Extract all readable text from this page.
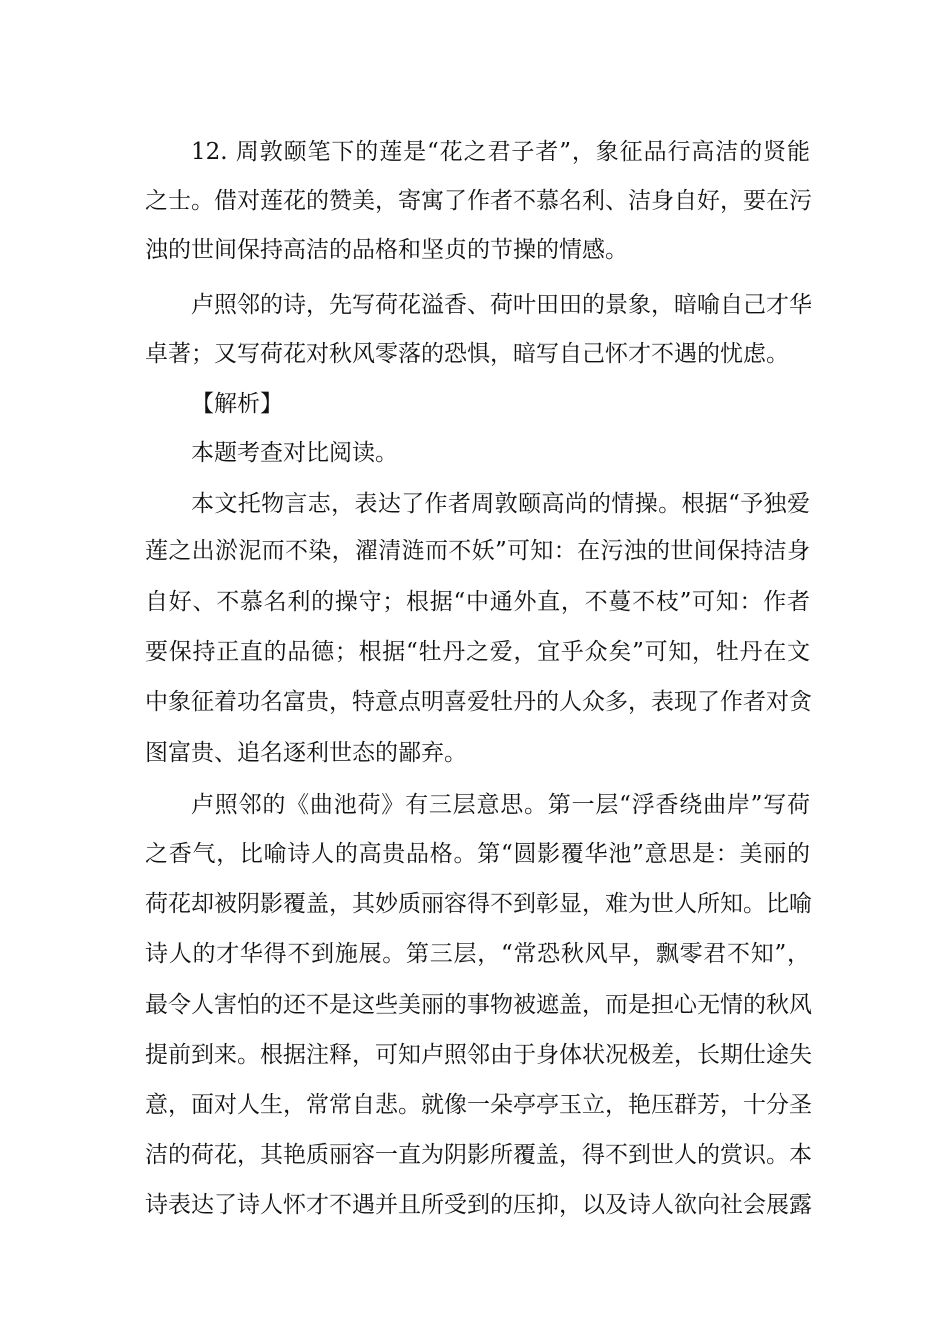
12. 周敦颐笔下的莲是“花之君子者”，象征品行高洁的贤能
之士。借对莲花的赞美，寄寓了作者不慕名利、洁身自好，要在污
浊的世间保持高洁的品格和坚贞的节操的情感。
卢照邻的诗，先写荷花溢香、荷叶田田的景象，暗喻自己才华
卓著；又写荷花对秋风零落的恐惧，暗写自己怀才不遇的忧虑。
【解析】
本题考查对比阅读。
本文托物言志，表达了作者周敦颐高尚的情操。根据“予独爱
莲之出淤泥而不染，濯清涟而不妖”可知：在污浊的世间保持洁身
自好、不慕名利的操守；根据“中通外直，不蔓不枝”可知：作者
要保持正直的品德；根据“牡丹之爱，宜乎众矣”可知，牡丹在文
中象征着功名富贵，特意点明喜爱牡丹的人众多，表现了作者对贪
图富贵、追名逐利世态的鄙弃。
卢照邻的《曲池荷》有三层意思。第一层“浮香绕曲岸”写荷
之香气，比喻诗人的高贵品格。第“圆影覆华池”意思是：美丽的
荷花却被阴影覆盖，其妙质丽容得不到彰显，难为世人所知。比喻
诗人的才华得不到施展。第三层，“常恐秋风早，飘零君不知”，
最令人害怕的还不是这些美丽的事物被遮盖，而是担心无情的秋风
提前到来。根据注释，可知卢照邻由于身体状况极差，长期仕途失
意，面对人生，常常自悲。就像一朵亭亭玉立，艳压群芳，十分圣
洁的荷花，其艳质丽容一直为阴影所覆盖，得不到世人的赏识。本
诗表达了诗人怀才不遇并且所受到的压抑，以及诗人欲向社会展露
